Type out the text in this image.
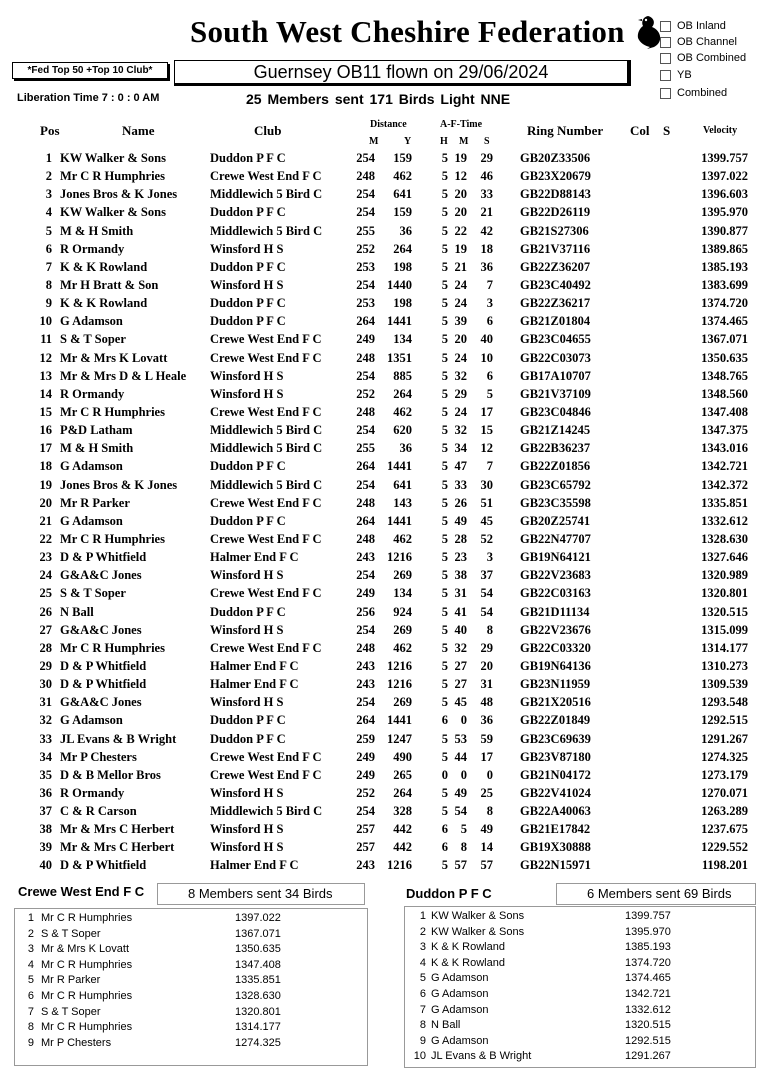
South West Cheshire Federation	OB Inland
OB Channel
OB Combined
YB
Combined
*Fed Top 50 +Top 10 Club*	Guernsey OB11 flown on 29/06/2024
Liberation Time 7 : 0 : 0 AM	25 Members sent 171 Birds Light NNE
Pos	Name	Club	Distance
M	Y
A-F-Time
H M S
Ring Number Col S	Velocity
1 KW Walker & Sons	Duddon P F C	254 159 5 19 29 GB20Z33506	1399.757
2 Mr C R Humphries	Crewe West End F C	248 462 5 12 46 GB23X20679	1397.022
3 Jones Bros & K Jones	Middlewich 5 Bird C	254 641 5 20 33 GB22D88143	1396.603
4 KW Walker & Sons	Duddon P F C	254 159 5 20 21 GB22D26119	1395.970
5 M & H Smith	Middlewich 5 Bird C	255 36 5 22 42 GB21S27306	1390.877
6 R Ormandy	Winsford H S	252 264 5 19 18 GB21V37116	1389.865
7 K & K Rowland	Duddon P F C	253 198 5 21 36 GB22Z36207	1385.193
8 Mr H Bratt & Son	Winsford H S	254 1440 5 24 7 GB23C40492	1383.699
9 K & K Rowland	Duddon P F C	253 198 5 24 3 GB22Z36217	1374.720
10 G Adamson	Duddon P F C	264 1441 5 39 6 GB21Z01804	1374.465
11 S & T Soper	Crewe West End F C	249 134 5 20 40 GB23C04655	1367.071
12 Mr & Mrs K Lovatt	Crewe West End F C	248 1351 5 24 10 GB22C03073	1350.635
13 Mr & Mrs D & L Heale Winsford H S	254 885 5 32 6 GB17A10707	1348.765
14 R Ormandy	Winsford H S	252 264 5 29 5 GB21V37109	1348.560
15 Mr C R Humphries	Crewe West End F C	248 462 5 24 17 GB23C04846	1347.408
16 P&D Latham	Middlewich 5 Bird C	254 620 5 32 15 GB21Z14245	1347.375
17 M & H Smith	Middlewich 5 Bird C	255 36 5 34 12 GB22B36237	1343.016
18 G Adamson	Duddon P F C	264 1441 5 47 7 GB22Z01856	1342.721
19 Jones Bros & K Jones	Middlewich 5 Bird C	254 641 5 33 30 GB23C65792	1342.372
20 Mr R Parker	Crewe West End F C	248 143 5 26 51 GB23C35598	1335.851
21 G Adamson	Duddon P F C	264 1441 5 49 45 GB20Z25741	1332.612
22 Mr C R Humphries	Crewe West End F C	248 462 5 28 52 GB22N47707	1328.630
23 D & P Whitfield	Halmer End F C	243 1216 5 23 3 GB19N64121	1327.646
24 G&A&C Jones	Winsford H S	254 269 5 38 37 GB22V23683	1320.989
25 S & T Soper	Crewe West End F C	249 134 5 31 54 GB22C03163	1320.801
26 N Ball	Duddon P F C	256 924 5 41 54 GB21D11134	1320.515
27 G&A&C Jones	Winsford H S	254 269 5 40 8 GB22V23676	1315.099
28 Mr C R Humphries	Crewe West End F C	248 462 5 32 29 GB22C03320	1314.177
29 D & P Whitfield	Halmer End F C	243 1216 5 27 20 GB19N64136	1310.273
30 D & P Whitfield	Halmer End F C	243 1216 5 27 31 GB23N11959	1309.539
31 G&A&C Jones	Winsford H S	254 269 5 45 48 GB21X20516	1293.548
32 G Adamson	Duddon P F C	264 1441 6 0 36 GB22Z01849	1292.515
33 JL Evans & B Wright	Duddon P F C	259 1247 5 53 59 GB23C69639	1291.267
34 Mr P Chesters	Crewe West End F C	249 490 5 44 17 GB23V87180	1274.325
35 D & B Mellor Bros	Crewe West End F C	249 265 0 0 0 GB21N04172	1273.179
36 R Ormandy	Winsford H S	252 264 5 49 25 GB22V41024	1270.071
37 C & R Carson	Middlewich 5 Bird C	254 328 5 54 8 GB22A40063	1263.289
38 Mr & Mrs C Herbert	Winsford H S	257 442 6 5 49 GB21E17842	1237.675
39 Mr & Mrs C Herbert	Winsford H S	257 442 6 8 14 GB19X30888	1229.552
40 D & P Whitfield	Halmer End F C	243 1216 5 57 57 GB22N15971	1198.201
Crewe West End F C	8 Members sent 34 Birds
1 Mr C R Humphries	1397.022
2 S & T Soper	1367.071
3 Mr & Mrs K Lovatt	1350.635
4 Mr C R Humphries	1347.408
5 Mr R Parker	1335.851
6 Mr C R Humphries	1328.630
7 S & T Soper	1320.801
8 Mr C R Humphries	1314.177
9 Mr P Chesters	1274.325
Duddon P F C	6 Members sent 69 Birds
1 KW Walker & Sons	1399.757
2 KW Walker & Sons	1395.970
3 K & K Rowland	1385.193
4 K & K Rowland	1374.720
5 G Adamson	1374.465
6 G Adamson	1342.721
7 G Adamson	1332.612
8 N Ball	1320.515
9 G Adamson	1292.515
10 JL Evans & B Wright	1291.267
